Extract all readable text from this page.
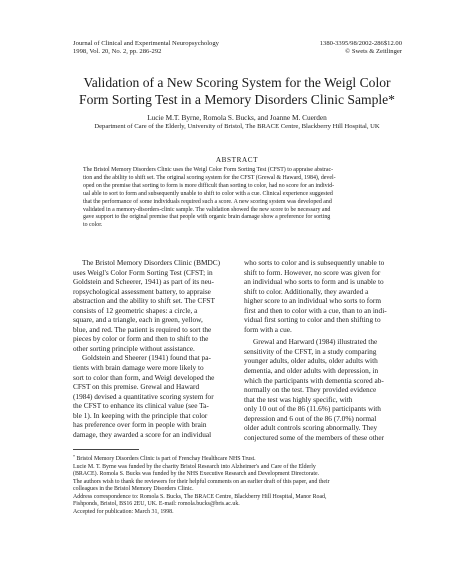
Journal of Clinical and Experimental Neuropsychology
1998, Vol. 20, No. 2, pp. 286-292
1380-3395/98/2002-286$12.00
© Swets & Zeitlinger
Validation of a New Scoring System for the Weigl Color
Form Sorting Test in a Memory Disorders Clinic Sample*
Lucie M.T. Byrne, Romola S. Bucks, and Joanne M. Cuerden
Department of Care of the Elderly, University of Bristol, The BRACE Centre, Blackberry Hill Hospital, UK
ABSTRACT
The Bristol Memory Disorders Clinic uses the Weigl Color Form Sorting Test (CFST) to appraise abstrac-
tion and the ability to shift set. The original scoring system for the CFST (Grewal & Haward, 1984), devel-
oped on the premise that sorting to form is more difficult than sorting to color, had no score for an individ-
ual able to sort to form and subsequently unable to shift to color with a cue. Clinical experience suggested
that the performance of some individuals required such a score. A new scoring system was developed and
validated in a memory-disorders-clinic sample. The validation showed the new score to be necessary and
gave support to the original premise that people with organic brain damage show a preference for sorting
to color.
The Bristol Memory Disorders Clinic (BMDC)
uses Weigl's Color Form Sorting Test (CFST; in
Goldstein and Scheerer, 1941) as part of its neu-
ropsychological assessment battery, to appraise
abstraction and the ability to shift set. The CFST
consists of 12 geometric shapes: a circle, a
square, and a triangle, each in green, yellow,
blue, and red. The patient is required to sort the
pieces by color or form and then to shift to the
other sorting principle without assistance.
Goldstein and Sheerer (1941) found that pa-
tients with brain damage were more likely to
sort to color than form, and Weigl developed the
CFST on this premise. Grewal and Haward
(1984) devised a quantitative scoring system for
the CFST to enhance its clinical value (see Ta-
ble 1). In keeping with the principle that color
has preference over form in people with brain
damage, they awarded a score for an individual
who sorts to color and is subsequently unable to
shift to form. However, no score was given for
an individual who sorts to form and is unable to
shift to color. Additionally, they awarded a
higher score to an individual who sorts to form
first and then to color with a cue, than to an indi-
vidual first sorting to color and then shifting to
form with a cue.
Grewal and Harward (1984) illustrated the
sensitivity of the CFST, in a study comparing
younger adults, older adults, older adults with
dementia, and older adults with depression, in
which the participants with dementia scored ab-
normally on the test. They provided evidence
that the test was highly specific, with
only 10 out of the 86 (11.6%) participants with
depression and 6 out of the 86 (7.0%) normal
older adult controls scoring abnormally. They
conjectured some of the members of these other
* Bristol Memory Disorders Clinic is part of Frenchay Healthcare NHS Trust.
Lucie M. T. Byrne was funded by the charity Bristol Research into Alzheimer's and Care of the Elderly
(BRACE). Romola S. Bucks was funded by the NHS Executive Research and Development Directorate.
The authors wish to thank the reviewers for their helpful comments on an earlier draft of this paper, and their
colleagues in the Bristol Memory Disorders Clinic.
Address correspondence to: Romola S. Bucks, The BRACE Centre, Blackberry Hill Hospital, Manor Road,
Fishponds, Bristol, BS16 2EU, UK. E-mail: romola.bucks@bris.ac.uk.
Accepted for publication: March 31, 1998.
